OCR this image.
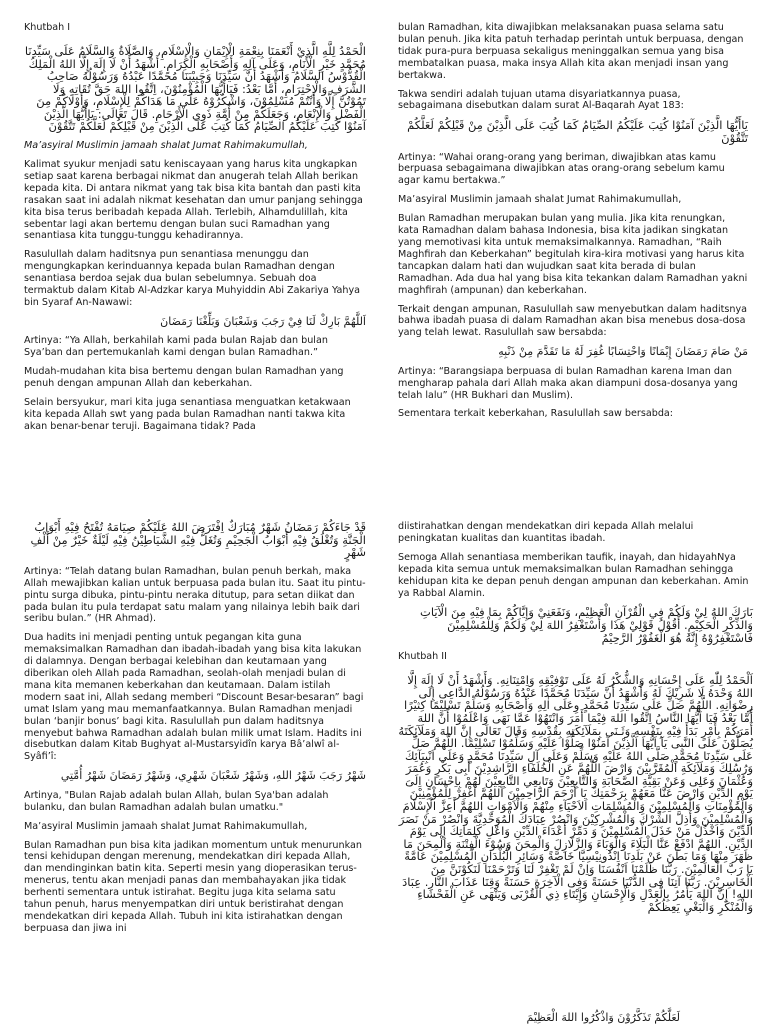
Khutbah I

الْحَمْدُ لِلَّهِ الَّذِيْ أَنْعَمَنَا بِنِعْمَةِ الْإِيْمَانِ وَالْإِسْلَامِ، وَالصَّلَاةُ وَالسَّلَامُ عَلَى سَيِّدِنَا مُحَمَّدٍ خَيْرِ الْأَنَامِ، وَعَلَى آلِهِ وَأَصْحَابِهِ الْكِرَامِ. أَشْهَدُ أَنْ لَا إِلَهَ إِلَّا اللهُ الْمَلِكُ الْقُدُّوْسُ السَّلَامُ وَأَشْهَدُ أَنَّ سَيِّدَنَا وَحَبِيْبَنَا مُحَمَّدًا عَبْدُهُ وَرَسُوْلُهُ صَاحِبُ الشَّرَفِ وَالْاِحْتِرَامِ، أَمَّا بَعْدُ: فَيَاأَيُّهَا الْمُؤْمِنُوْنَ، اِتَّقُوا اللهَ حَقَّ تُقَاتِهِ وَلَا تَمُوْتُنَّ إِلَّا وَأَنْتُمْ مُسْلِمُوْنَ، وَاشْكُرُوْهُ عَلَى مَا هَدَاكُمْ لِلْإِسْلَامِ، وَأَوْلَاكُمْ مِنَ الْفَضْلِ وَالْإِنْعَامِ، وَجَعَلَكُمْ مِنْ أُمَّةِ ذَوِي الْأَرْحَامِ. قَالَ تَعَالَى: يَاأَيُّهَا الَّذِيْنَ آمَنُوْا كُتِبَ عَلَيْكُمُ الصِّيَامُ كَمَا كُتِبَ عَلَى الَّذِيْنَ مِنْ قَبْلِكُمْ لَعَلَّكُمْ تَتَّقُوْنَ

Ma’asyiral Muslimin jamaah shalat Jumat Rahimakumullah,

Kalimat syukur menjadi satu keniscayaan yang harus kita ungkapkan setiap saat karena berbagai nikmat dan anugerah telah Allah berikan kepada kita. Di antara nikmat yang tak bisa kita bantah dan pasti kita rasakan saat ini adalah nikmat kesehatan dan umur panjang sehingga kita bisa terus beribadah kepada Allah. Terlebih, Alhamdulillah, kita sebentar lagi akan bertemu dengan bulan suci Ramadhan yang senantiasa kita tunggu-tunggu kehadirannya.

Rasulullah dalam haditsnya pun senantiasa menunggu dan mengungkapkan kerinduannya kepada bulan Ramadhan dengan senantiasa berdoa sejak dua bulan sebelumnya. Sebuah doa termaktub dalam Kitab Al-Adzkar karya Muhyiddin Abi Zakariya Yahya bin Syaraf An-Nawawi:

اَللَّهُمَّ بَارِكْ لَنَا فِيْ رَجَبَ وَشَعْبَانَ وَبَلِّغْنَا رَمَضَانَ

Artinya: “Ya Allah, berkahilah kami pada bulan Rajab dan bulan Sya’ban dan pertemukanlah kami dengan bulan Ramadhan.”

Mudah-mudahan kita bisa bertemu dengan bulan Ramadhan yang penuh dengan ampunan Allah dan keberkahan.

Selain bersyukur, mari kita juga senantiasa menguatkan ketakwaan kita kepada Allah swt yang pada bulan Ramadhan nanti takwa kita akan benar-benar teruji. Bagaimana tidak? Pada

bulan Ramadhan, kita diwajibkan melaksanakan puasa selama satu bulan penuh. Jika kita patuh terhadap perintah untuk berpuasa, dengan tidak pura-pura berpuasa sekaligus meninggalkan semua yang bisa membatalkan puasa, maka insya Allah kita akan menjadi insan yang bertakwa.

Takwa sendiri adalah tujuan utama disyariatkannya puasa, sebagaimana disebutkan dalam surat Al-Baqarah Ayat 183:

يَاأَيُّهَا الَّذِيْنَ آمَنُوْا كُتِبَ عَلَيْكُمُ الصِّيَامُ كَمَا كُتِبَ عَلَى الَّذِيْنَ مِنْ قَبْلِكُمْ لَعَلَّكُمْ تَتَّقُوْنَ

Artinya: “Wahai orang-orang yang beriman, diwajibkan atas kamu berpuasa sebagaimana diwajibkan atas orang-orang sebelum kamu agar kamu bertakwa.”

Ma’asyiral Muslimin jamaah shalat Jumat Rahimakumullah,

Bulan Ramadhan merupakan bulan yang mulia. Jika kita renungkan, kata Ramadhan dalam bahasa Indonesia, bisa kita jadikan singkatan yang memotivasi kita untuk memaksimalkannya. Ramadhan, “Raih Maghfirah dan Keberkahan” begitulah kira-kira motivasi yang harus kita tancapkan dalam hati dan wujudkan saat kita berada di bulan Ramadhan. Ada dua hal yang bisa kita tekankan dalam Ramadhan yakni maghfirah (ampunan) dan keberkahan.

Terkait dengan ampunan, Rasulullah saw menyebutkan dalam haditsnya bahwa ibadah puasa di dalam Ramadhan akan bisa menebus dosa-dosa yang telah lewat. Rasulullah saw bersabda:

مَنْ صَامَ رَمَضَانَ إِيْمَانًا وَاحْتِسَابًا غُفِرَ لَهُ مَا تَقَدَّمَ مِنْ ذَنْبِهِ

Artinya: “Barangsiapa berpuasa di bulan Ramadhan karena Iman dan mengharap pahala dari Allah maka akan diampuni dosa-dosanya yang telah lalu” (HR Bukhari dan Muslim).

Sementara terkait keberkahan, Rasulullah saw bersabda:

قَدْ جَاءَكُمْ رَمَضَانُ شَهْرٌ مُبَارَكٌ اِفْتَرَضَ اللهُ عَلَيْكُمْ صِيَامَهُ تُفْتَحُ فِيْهِ أَبْوَابُ الْجَنَّةِ وَتُغْلَقُ فِيْهِ أَبْوَابُ الْجَحِيْمِ وَتُغَلُّ فِيْهِ الشَّيَاطِيْنُ فِيْهِ لَيْلَةٌ خَيْرٌ مِنْ أَلْفِ شَهْرٍ

Artinya: “Telah datang bulan Ramadhan, bulan penuh berkah, maka Allah mewajibkan kalian untuk berpuasa pada bulan itu. Saat itu pintu-pintu surga dibuka, pintu-pintu neraka ditutup, para setan diikat dan pada bulan itu pula terdapat satu malam yang nilainya lebih baik dari seribu bulan.” (HR Ahmad).

Dua hadits ini menjadi penting untuk pegangan kita guna memaksimalkan Ramadhan dan ibadah-ibadah yang bisa kita lakukan di dalamnya. Dengan berbagai kelebihan dan keutamaan yang diberikan oleh Allah pada Ramadhan, seolah-olah menjadi bulan di mana kita memanen keberkahan dan keutamaan. Dalam istilah modern saat ini, Allah sedang memberi “Discount Besar-besaran” bagi umat Islam yang mau memanfaatkannya. Bulan Ramadhan menjadi bulan ‘banjir bonus’ bagi kita. Rasulullah pun dalam haditsnya menyebut bahwa Ramadhan adalah bulan milik umat Islam. Hadits ini disebutkan dalam Kitab Bughyat al-Mustarsyidîn karya Bâ’alwî al-Syâfi’î:

شَهْرُ رَجَبَ شَهْرُ اللهِ، وَشَهْرُ شَعْبَانَ شَهْرِي، وَشَهْرُ رَمَضَانَ شَهْرُ أُمَّتِي

Artinya, "Bulan Rajab adalah bulan Allah, bulan Sya'ban adalah bulanku, dan bulan Ramadhan adalah bulan umatku."

Ma’asyiral Muslimin jamaah shalat Jumat Rahimakumullah,

Bulan Ramadhan pun bisa kita jadikan momentum untuk menurunkan tensi kehidupan dengan merenung, mendekatkan diri kepada Allah, dan mendinginkan batin kita. Seperti mesin yang dioperasikan terus-menerus, tentu akan menjadi panas dan membahayakan jika tidak berhenti sementara untuk istirahat. Begitu juga kita selama satu tahun penuh, harus menyempatkan diri untuk beristirahat dengan mendekatkan diri kepada Allah. Tubuh ini kita istirahatkan dengan berpuasa dan jiwa ini

diistirahatkan dengan mendekatkan diri kepada Allah melalui peningkatan kualitas dan kuantitas ibadah.

Semoga Allah senantiasa memberikan taufik, inayah, dan hidayahNya kepada kita semua untuk memaksimalkan bulan Ramadhan sehingga kehidupan kita ke depan penuh dengan ampunan dan keberkahan. Amin ya Rabbal Alamin.

بَارَكَ اللهُ لِيْ وَلَكُمْ فِي الْقُرْآنِ الْعَظِيْمِ، وَنَفَعَنِيْ وَإِيَّاكُمْ بِمَا فِيْهِ مِنَ الْآيَاتِ وَالذِّكْرِ الْحَكِيْمِ. أَقُوْلُ قَوْلِيْ هَذَا وَأَسْتَغْفِرُ اللهَ لِيْ وَلَكُمْ وَلِلْمُسْلِمِيْنَ فَاسْتَغْفِرُوْهُ إِنَّهُ هُوَ الْغَفُوْرُ الرَّحِيْمُ

Khutbah II

اَلْحَمْدُ لِلّٰهِ عَلَى إِحْسَانِهِ وَالشُّكْرُ لَهُ عَلَى تَوْفِيْقِهِ وَاِمْتِنَانِهِ. وَأَشْهَدُ أَنْ لَا إِلَهَ إِلَّا اللهُ وَحْدَهُ لَا شَرِيْكَ لَهُ وَأَشْهَدُ أَنَّ سَيِّدَنَا مُحَمَّدًا عَبْدُهُ وَرَسُوْلُهُ الدَّاعِى إِلَى رِضْوَانِهِ. اللَّهُمَّ صَلِّ عَلَى سَيِّدِنَا مُحَمَّدٍ وِعَلَى اٰلِهِ وَأَصْحَابِهِ وَسَلِّمْ تَسْلِيْمًا كِثيْرًا أَمَّا بَعْدُ فَيَا اَيُّهَا النَّاسُ اِتَّقُوا اللهَ فِيْمَا أَمَرَ وَانْتَهُوْا عَمَّا نَهَى وَاعْلَمُوْا أَنَّ اللهَ أَمَرَكُمْ بِأَمْرٍ بَدَأَ فِيْهِ بِنَفْسِهِ وَثَـنَى بِمَلَآئِكَتِهِ بِقُدْسِهِ وَقَالَ تَعَالَى إِنَّ اللهَ وَمَلَآئِكَتَهُ يُصَلُّوْنَ عَلَى النَّبِى يَآ اَيُّهَا الَّذِيْنَ آمَنُوْا صَلُّوْا عَلَيْهِ وَسَلِّمُوْا تَسْلِيْمًا. اللَّهُمَّ صَلِّ عَلَى سَيِّدِنَا مُحَمَّدٍ صَلَّى اللهُ عَلَيْهِ وَسَلِّمْ وَعَلَى آلِ سَيِّدِنَا مُحَمَّدٍ وَعَلَى اَنْبِيَآئِكَ وَرُسُلِكَ وَمَلَآئِكَةِ الْمُقَرَّبِيْنَ وَارْضَ اللّٰهُمَّ عَنِ الْخُلَفَاءِ الرَّاشِدِيْنَ أَبِى بَكْرٍ وَعُمَرَ وَعُثْمَانَ وَعَلِى وَعَنْ بَقِيَّةِ الصَّحَابَةِ وَالتَّابِعِيْنَ وَتَابِعِي التَّابِعِيْنَ لَهُمْ بِاِحْسَانٍ اِلَىَ يَوْمِ الدِّيْنِ وَارْضَ عَنَّا مَعَهُمْ بِرَحْمَتِكَ يَا أَرْحَمَ الرَّاحِمِيْنَ اَللهُمَّ اغْفِرْ لِلْمُؤْمِنِيْنَ وَالْمُؤْمِنَاتِ وَالْمُسْلِمِيْنَ وَالْمُسْلِمَاتِ اَلاَحْيَآءِ مِنْهُمْ وَالْاَمْوَاتِ اللهُمَّ أَعِزَّ الْإِسْلَامَ وَالْمُسْلِمِيْنَ وَأَذِلَّ الشِّرْكَ وَالْمُشْرِكِيْنَ وَانْصُرْ عِبَادَكَ الْمُوَحِّدِيَّةَ وَانْصُرْ مَنْ نَصَرَ الدِّيْنَ وَاخْذُلْ مَنْ خَذَلَ الْمُسْلِمِيْنَ وَ دَمِّرْ أَعْدَاءَ الدِّيْنِ وَاعْلِ كَلِمَاتِكَ إِلَى يَوْمَ الدِّيْنِ. اللهُمَّ ادْفَعْ عَنَّا الْبَلَاءَ وَالْوَبَاءَ وَالزَّلَازِلَ وَالْمِحَنَ وَسُوْءَ الْفِتْنَةِ وَالْمِحَنَ مَا ظَهَرَ مِنْهَا وَمَا بَطَنَ عَنْ بَلَدِنَا اِنْدُونِيْسِيَّا خَاصَّةً وَسَائِرِ الْبُلْدَانِ الْمُسْلِمِيْنَ عَامَّةً يَا رَبَّ الْعَالَمِيْنَ. رَبَّنَا ظَلَمْنَا اَنْفُسَنَا وَاِنْ لَمْ تَغْفِرْ لَنَا وَتَرْحَمْنَا لَنَكُوْنَنَّ مِنَ الْخَاسِرِيْنَ. رَبَّنَا آتِنَا فِى الدُّنْيَا حَسَنَةً وَفِى الْآخِرَةِ حَسَنَةً وَقِنَا عَذَابَ النَّارِ. عِبَادَ اللهِ! إِنَّ اللهَ يَأْمُرُ بِالْعَدْلِ وَالْإِحْسَانِ وَإِيْتَاءِ ذِي الْقُرْبَى وَيَنْهَى عَنِ الْفَحْشَاءِ وَالْمُنْكَرِ وَالْبَغْيِ يَعِظُكُمْ

لَعَلَّكُمْ تَذَكَّرُوْنَ وَاذْكُرُوا اللهَ الْعَظِيْمَ
